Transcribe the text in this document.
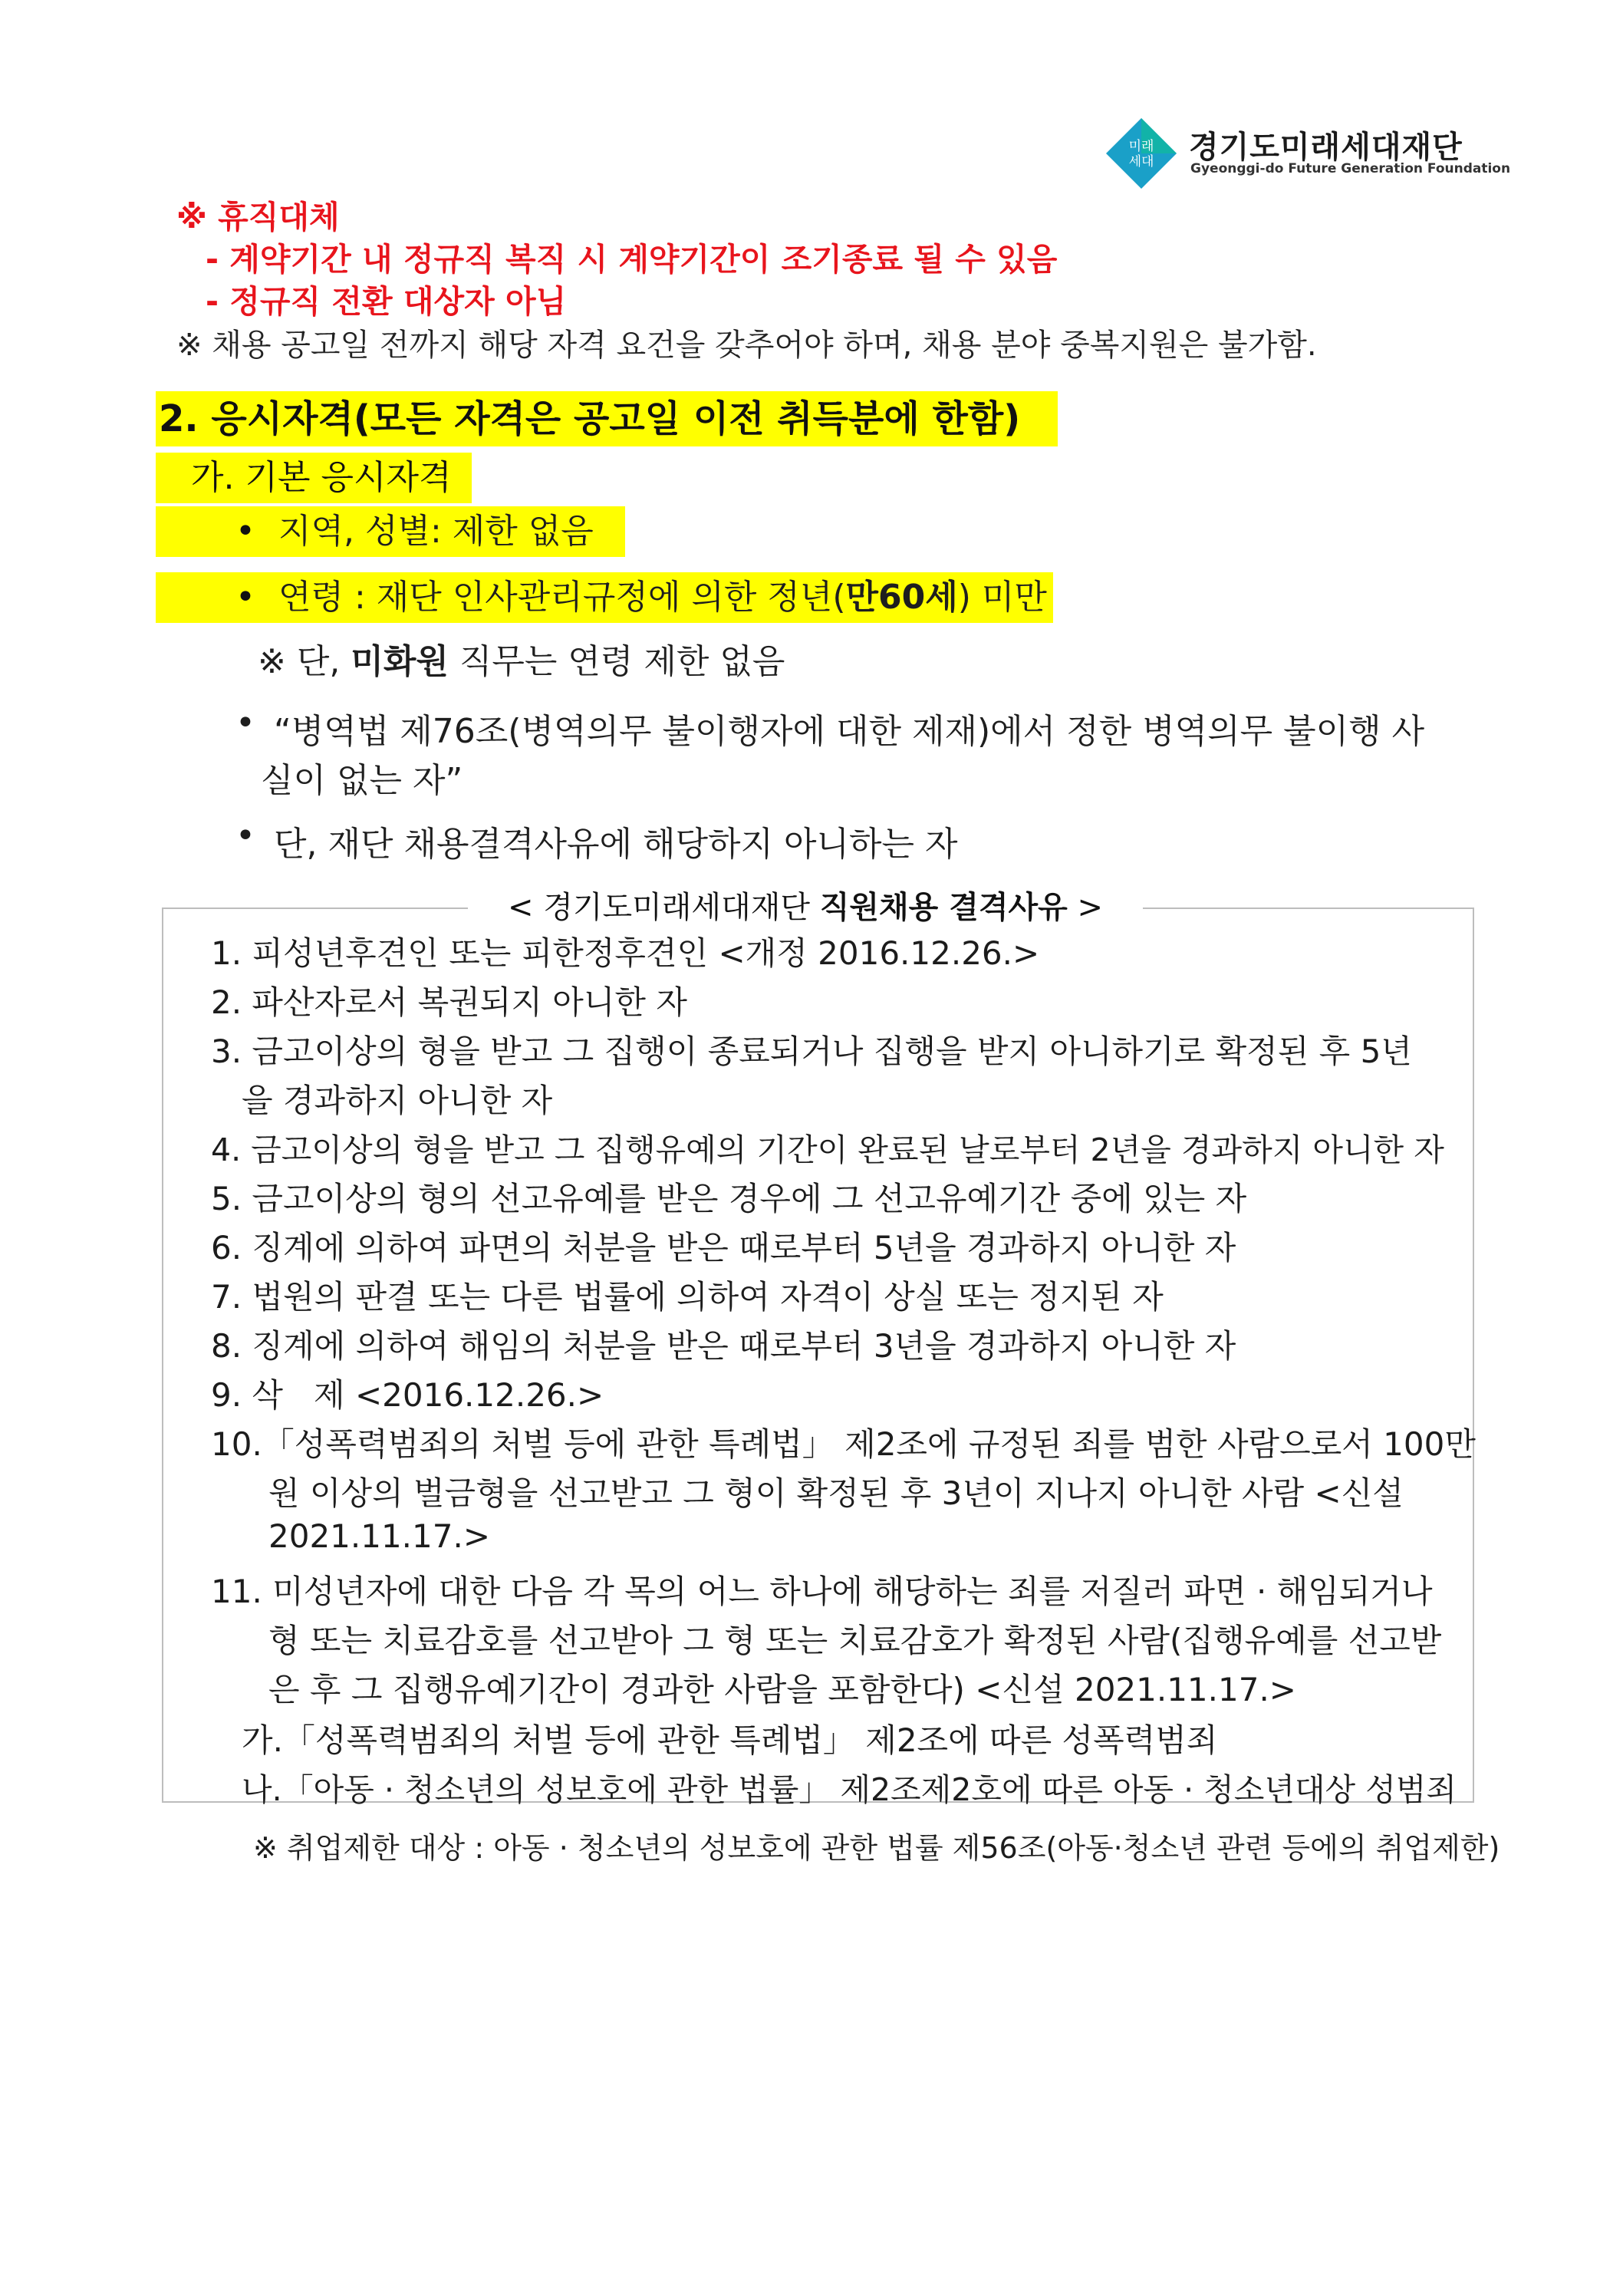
미래
세대 경기도미래세대재단
Gyeonggi-do Future Generation Foundation
※ 휴직대체
- 계약기간 내 정규직 복직 시 계약기간이 조기종료 될 수 있음
- 정규직 전환 대상자 아님
※ 채용 공고일 전까지 해당 자격 요건을 갖추어야 하며, 채용 분야 중복지원은 불가함.
2. 응시자격(모든 자격은 공고일 이전 취득분에 한함)
가. 기본 응시자격
• 지역, 성별: 제한 없음
• 연령 : 재단 인사관리규정에 의한 정년(만60세) 미만
※ 단, 미화원 직무는 연령 제한 없음
• “병역법 제76조(병역의무 불이행자에 대한 제재)에서 정한 병역의무 불이행 사
실이 없는 자”
• 단, 재단 채용결격사유에 해당하지 아니하는 자
< 경기도미래세대재단 직원채용 결격사유 >
1. 피성년후견인 또는 피한정후견인 <개정 2016.12.26.>
2. 파산자로서 복권되지 아니한 자
3. 금고이상의 형을 받고 그 집행이 종료되거나 집행을 받지 아니하기로 확정된 후 5년
을 경과하지 아니한 자
4. 금고이상의 형을 받고 그 집행유예의 기간이 완료된 날로부터 2년을 경과하지 아니한 자
5. 금고이상의 형의 선고유예를 받은 경우에 그 선고유예기간 중에 있는 자
6. 징계에 의하여 파면의 처분을 받은 때로부터 5년을 경과하지 아니한 자
7. 법원의 판결 또는 다른 법률에 의하여 자격이 상실 또는 정지된 자
8. 징계에 의하여 해임의 처분을 받은 때로부터 3년을 경과하지 아니한 자
9. 삭   제 <2016.12.26.>
10.「성폭력범죄의 처벌 등에 관한 특례법」 제2조에 규정된 죄를 범한 사람으로서 100만
원 이상의 벌금형을 선고받고 그 형이 확정된 후 3년이 지나지 아니한 사람 <신설
2021.11.17.>
11. 미성년자에 대한 다음 각 목의 어느 하나에 해당하는 죄를 저질러 파면 · 해임되거나
형 또는 치료감호를 선고받아 그 형 또는 치료감호가 확정된 사람(집행유예를 선고받
은 후 그 집행유예기간이 경과한 사람을 포함한다) <신설 2021.11.17.>
가.「성폭력범죄의 처벌 등에 관한 특례법」 제2조에 따른 성폭력범죄
나.「아동 · 청소년의 성보호에 관한 법률」 제2조제2호에 따른 아동 · 청소년대상 성범죄
※ 취업제한 대상 : 아동 · 청소년의 성보호에 관한 법률 제56조(아동·청소년 관련 등에의 취업제한)
